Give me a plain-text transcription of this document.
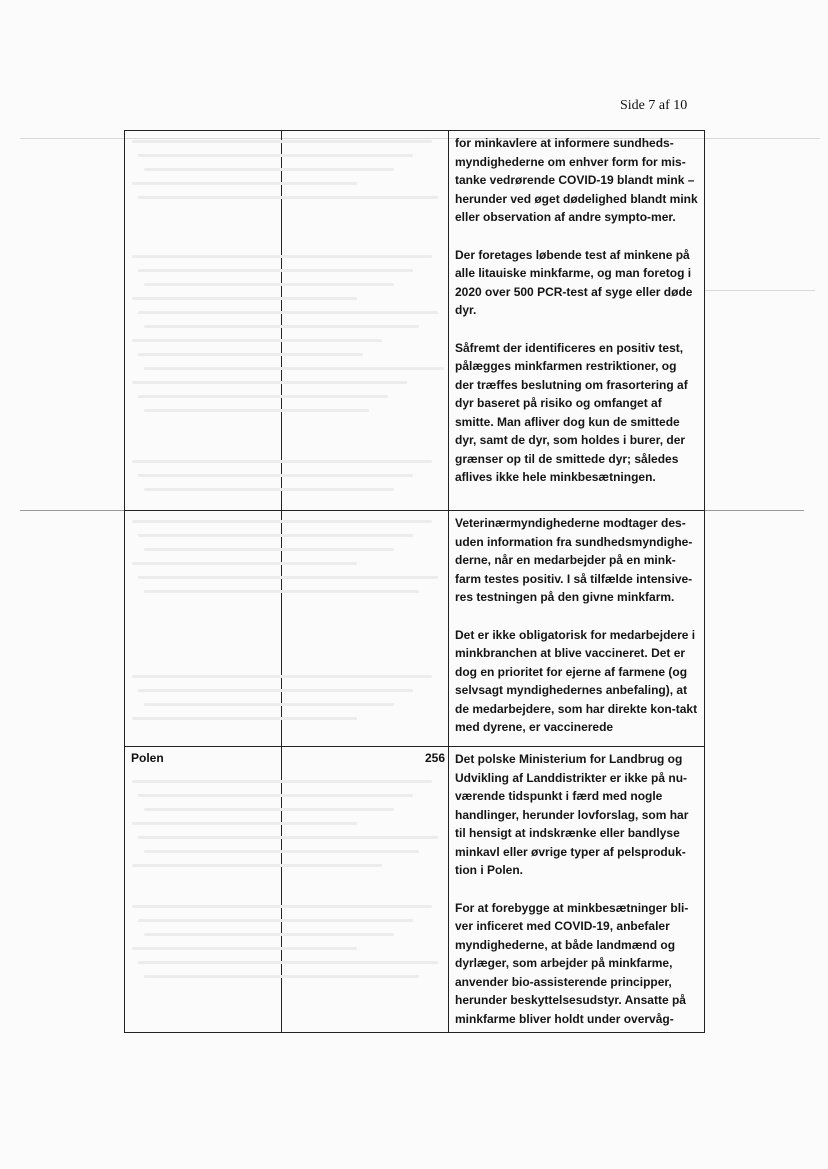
Side 7 af 10

		for minkavlere at informere sundheds-myndighederne om enhver form for mis-tanke vedrørende COVID-19 blandt mink – herunder ved øget dødelighed blandt mink eller observation af andre sympto-mer.

Der foretages løbende test af minkene på alle litauiske minkfarme, og man foretog i 2020 over 500 PCR-test af syge eller døde dyr.

Såfremt der identificeres en positiv test, pålægges minkfarmen restriktioner, og der træffes beslutning om frasortering af dyr baseret på risiko og omfanget af smitte. Man afliver dog kun de smittede dyr, samt de dyr, som holdes i burer, der grænser op til de smittede dyr; således aflives ikke hele minkbesætningen.

		Veterinærmyndighederne modtager des-uden information fra sundhedsmyndighe-derne, når en medarbejder på en mink-farm testes positiv. I så tilfælde intensive-res testningen på den givne minkfarm.

Det er ikke obligatorisk for medarbejdere i minkbranchen at blive vaccineret. Det er dog en prioritet for ejerne af farmene (og selvsagt myndighedernes anbefaling), at de medarbejdere, som har direkte kon-takt med dyrene, er vaccinerede

Polen	256	Det polske Ministerium for Landbrug og Udvikling af Landdistrikter er ikke på nu-værende tidspunkt i færd med nogle handlinger, herunder lovforslag, som har til hensigt at indskrænke eller bandlyse minkavl eller øvrige typer af pelsproduk-tion i Polen.

For at forebygge at minkbesætninger bli-ver inficeret med COVID-19, anbefaler myndighederne, at både landmænd og dyrlæger, som arbejder på minkfarme, anvender bio-assisterende principper, herunder beskyttelsesudstyr. Ansatte på minkfarme bliver holdt under overvåg-
